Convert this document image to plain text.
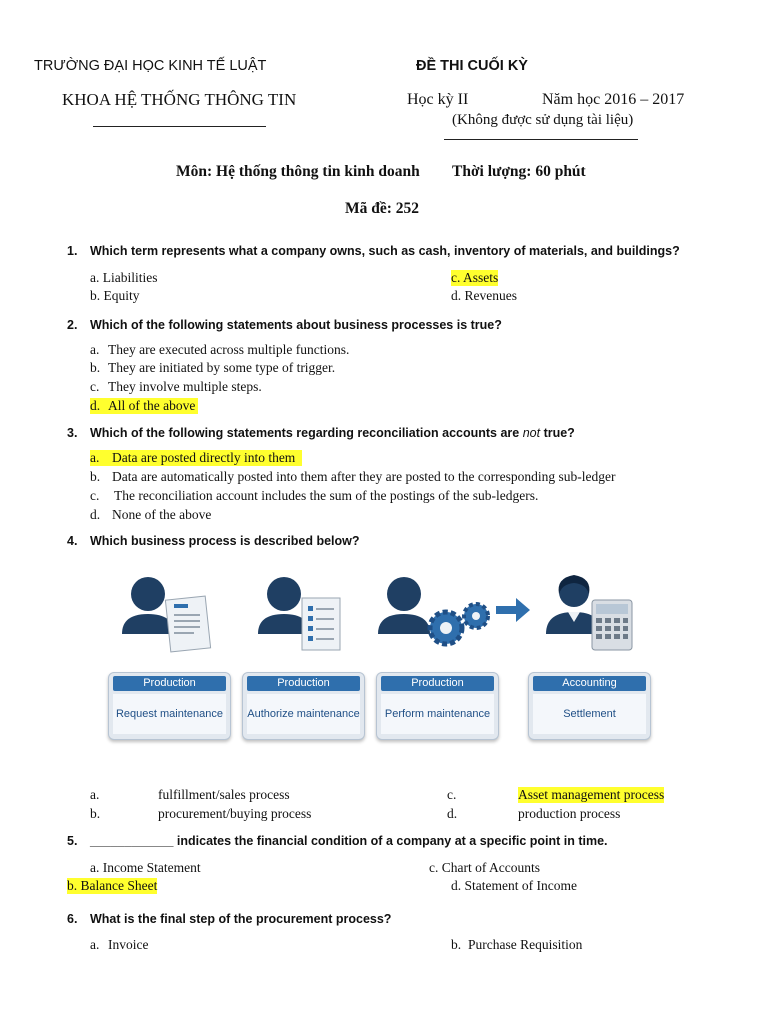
TRƯỜNG ĐẠI HỌC KINH TẾ LUẬT	ĐỀ THI CUỐI KỲ
KHOA HỆ THỐNG THÔNG TIN	Học kỳ II	Năm học 2016 – 2017
(Không được sử dụng tài liệu)
Môn: Hệ thống thông tin kinh doanh Thời lượng: 60 phút
Mã đề: 252
1. Which term represents what a company owns, such as cash, inventory of materials, and buildings?
a. Liabilities	c. Assets
b. Equity	d. Revenues
2. Which of the following statements about business processes is true?
a. They are executed across multiple functions.
b. They are initiated by some type of trigger.
c. They involve multiple steps.
d. All of the above
3. Which of the following statements regarding reconciliation accounts are not true?
a. Data are posted directly into them
b. Data are automatically posted into them after they are posted to the corresponding sub-ledger
c. The reconciliation account includes the sum of the postings of the sub-ledgers.
d. None of the above
4. Which business process is described below?
Production
Request maintenance
Production
Authorize maintenance
Production
Perform maintenance
Accounting
Settlement
a.	fulfillment/sales process	c.	Asset management process
b.	procurement/buying process	d.	production process
5. ____________ indicates the financial condition of a company at a specific point in time.
a. Income Statement	c. Chart of Accounts
b. Balance Sheet	d. Statement of Income
6. What is the final step of the procurement process?
a. Invoice	b. Purchase Requisition
